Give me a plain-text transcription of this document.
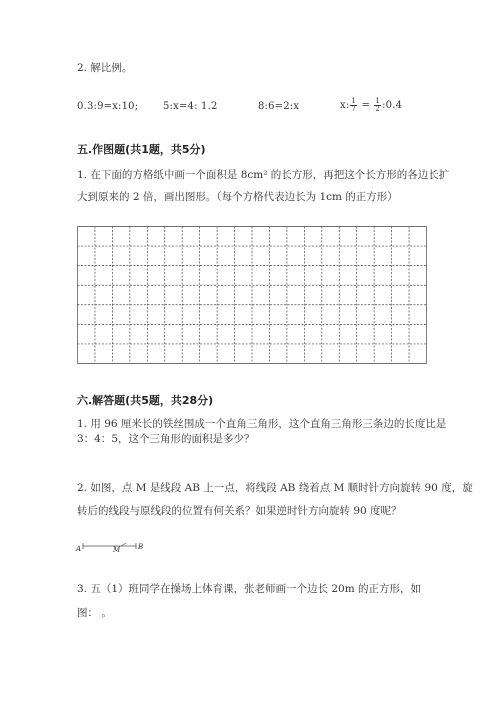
2. 解比例。
0.3:9=x:10; 5:x=4: 1.2	8:6=2:x	x: $\frac{1}{7} = \frac{1}{2}$ :0.4
五.作图题(共1题，共5分)
1. 在下面的方格纸中画一个面积是 8cm² 的长方形，再把这个长方形的各边长扩
大到原来的 2 倍，画出图形。（每个方格代表边长为 1cm 的正方形）
六.解答题(共5题，共28分)
1. 用 96 厘米长的铁丝围成一个直角三角形，这个直角三角形三条边的长度比是
3：4：5，这个三角形的面积是多少？
2. 如图，点 M 是线段 AB 上一点，将线段 AB 绕着点 M 顺时针方向旋转 90 度，旋
转后的线段与原线段的位置有何关系？如果逆时针方向旋转 90 度呢？
A	M	B
3. 五（1）班同学在操场上体育课，张老师画一个边长 20m 的正方形，如
图： 。
